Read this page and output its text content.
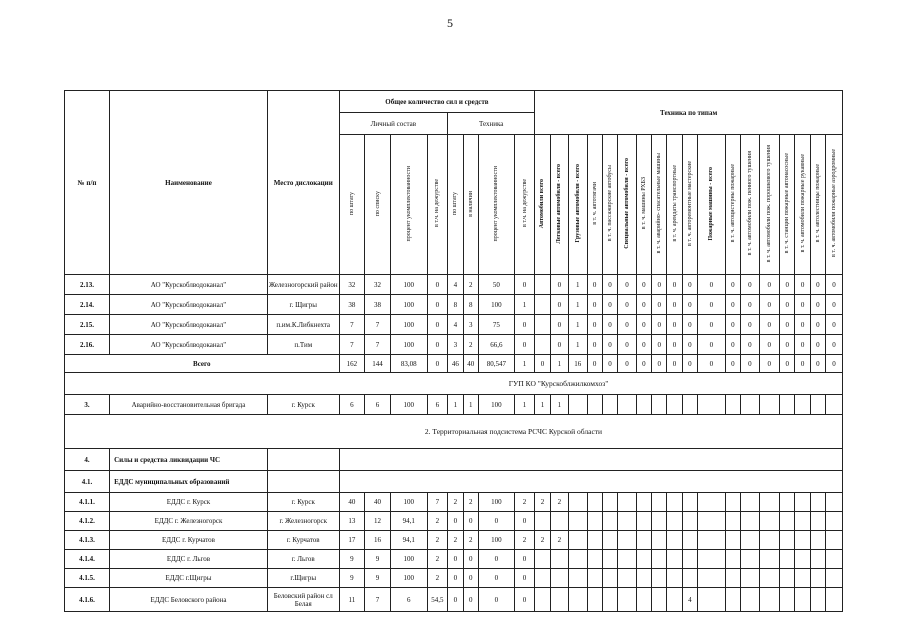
5
№ п/п	Наименование	Место дислокации	Общее количество сил и средств								Техника по типам																	
			Личный состав				Техника																					
			по штату	по списку	процент укомплектованности	в т.ч. на дежурстве	по штату	в наличии	процент укомплектованности	в т.ч. на дежурстве	Автомобили всего	Легковые автомобили - всего	Грузовые автомобили - всего	в т. ч. автотягачи	в т. ч. пассажирские автобусы	Специальные автомобили - всего	в т. ч. машины РХБЗ	в т. ч. аварийно- спасательные машины	в т. ч. арендаты транспортные	в т. ч. авторемонтные мастерские	Пожарные машины - всего	в т. ч. автоцистерны пожарные	в т. ч. автомобили пож. пенного тушения	в т. ч. автомобили пож. порошкового тушения	в т. ч. станции пожарные автонасосные	в т. ч. автомобили пожарные рукавные	в т. ч. автолестницы пожарные	в т. ч. автомобили пожарные аэродромные
2.13.	АО "Курскоблводоканал"	Железногорский район	32	32	100	0	4	2	50	0		0	1	0	0	0	0	0	0	0	0	0	0	0	0	0	0	0
2.14.	АО "Курскоблводоканал"	г. Щигры	38	38	100	0	8	8	100	1		0	1	0	0	0	0	0	0	0	0	0	0	0	0	0	0	0
2.15.	АО "Курскоблводоканал"	п.им.К.Либкнехта	7	7	100	0	4	3	75	0		0	1	0	0	0	0	0	0	0	0	0	0	0	0	0	0	0
2.16.	АО "Курскоблводоканал"	п.Тим	7	7	100	0	3	2	66,6	0		0	1	0	0	0	0	0	0	0	0	0	0	0	0	0	0	0
Всего			162	144	83,08	0	46	40	80,547	1	0	1	16	0	0	0	0	0	0	0	0	0	0	0	0	0	0	0
ГУП КО "Курскоблжилкомхоз"																												
3.	Аварийно-восстановительная бригада	г. Курск	6	6	100	6	1	1	100	1	1	1																
2. Территориальная подсистема РСЧС Курской области																												
4.	Силы и средства ликвидации ЧС																											
4.1.	ЕДДС муниципальных образований																											
4.1.1.	ЕДДС г. Курск	г. Курск	40	40	100	7	2	2	100	2	2	2																
4.1.2.	ЕДДС г. Железногорск	г. Железногорск	13	12	94,1	2	0	0	0	0																		
4.1.3.	ЕДДС г. Курчатов	г. Курчатов	17	16	94,1	2	2	2	100	2	2	2																
4.1.4.	ЕДДС г. Льгов	г. Льгов	9	9	100	2	0	0	0	0																		
4.1.5.	ЕДДС г.Щигры	г.Щигры	9	9	100	2	0	0	0	0																		
4.1.6.	ЕДДС Беловского района	Беловский район сл Белая	11	7	6	54,5	0	0	0	0										4								
